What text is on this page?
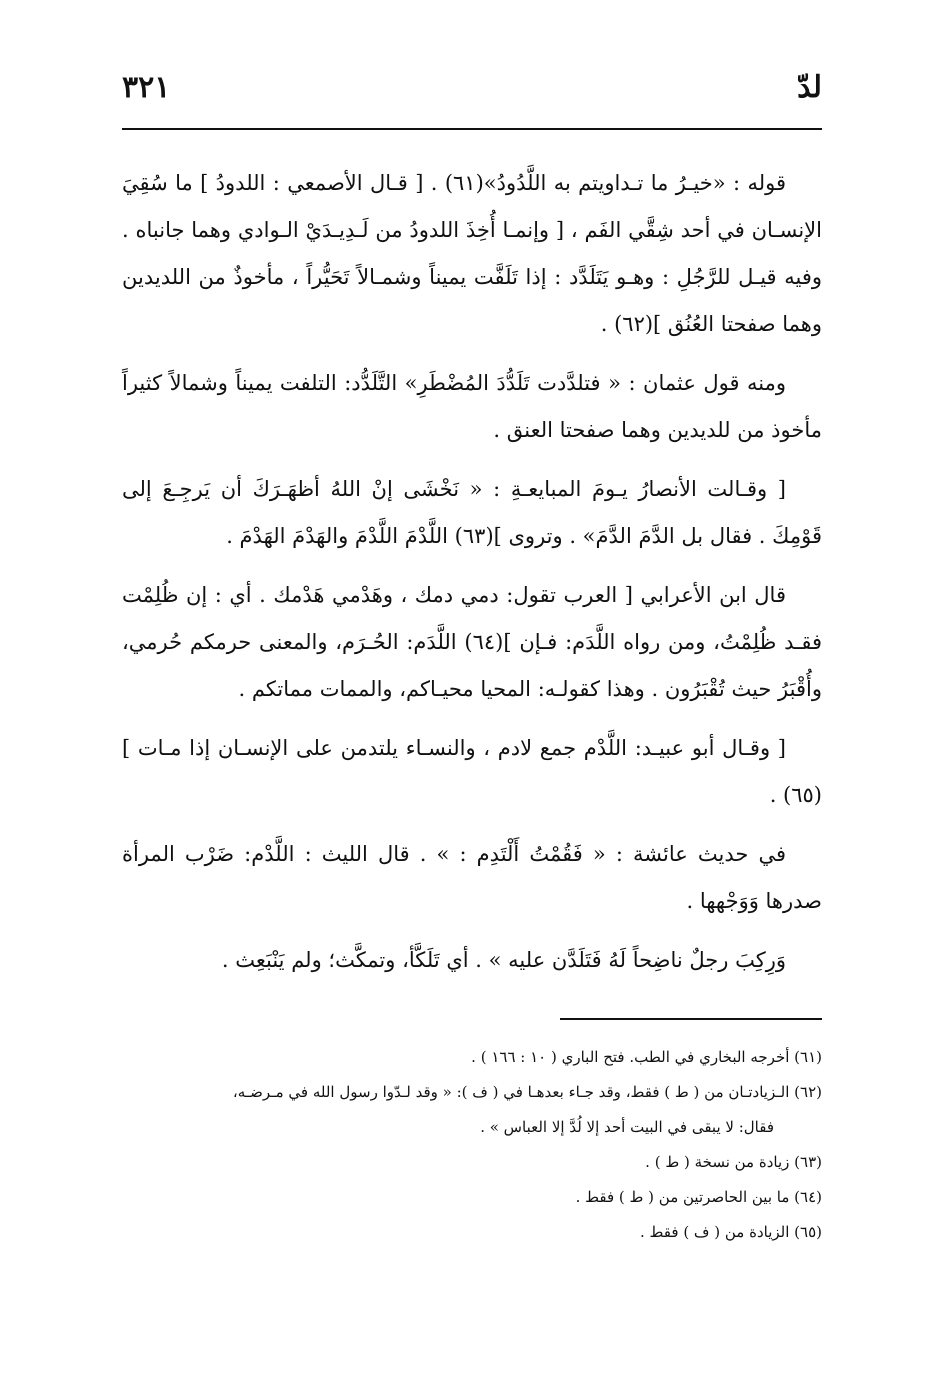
لدّ
٣٢١

قوله : «خيـرُ ما تـداويتم به اللَّدُودُ»(٦١) . [ قـال الأصمعي : اللدودُ ] ما سُقِيَ الإنسـان في أحد شِقَّي الفَم ، [ وإنمـا أُخِذَ اللدودُ من لَـدِيـدَيْ الـوادي وهما جانباه . وفيه قيـل للرَّجُلِ : وهـو يَتَلَدَّد : إذا تَلَفَّت يميناً وشمـالاً تَحَيُّراً ، مأخوذٌ من اللديدين وهما صفحتا العُنُق ](٦٢) .

ومنه قول عثمان : « فتلدَّدت تَلَدُّدَ المُضْطَرِ» التَّلَدُّد: التلفت يميناً وشمالاً كثيراً مأخوذ من للديدين وهما صفحتا العنق .

[ وقـالت الأنصارُ يـومَ المبايعـةِ : « نَخْشَى إنْ اللهُ أظهَـرَكَ أن يَرجِـعَ إلى قَوْمِكَ . فقال بل الدَّمَ الدَّمَ» . وتروى ](٦٣) اللَّدْمَ اللَّدْمَ والهَدْمَ الهَدْمَ .

قال ابن الأعرابي [ العرب تقول: دمي دمك ، وهَدْمي هَدْمك . أي : إن ظُلِمْت فقـد ظُلِمْتُ، ومن رواه اللَّدَم: فـإن ](٦٤) اللَّدَم: الحُـرَم، والمعنى حرمكم حُرمي، وأُقْبَرُ حيث تُقْبَرُون . وهذا كقولـه: المحيا محيـاكم، والممات مماتكم .

[ وقـال أبو عبيـد: اللَّدْم جمع لادم ، والنسـاء يلتدمن على الإنسـان إذا مـات ](٦٥) .

في حديث عائشة : « فَقُمْتُ أَلْتَدِم : » . قال الليث : اللَّدْم: ضَرْب المرأة صدرها وَوَجْهها .

وَرِكِبَ رجلٌ ناضِحاً لَهُ فَتَلَدَّن عليه » . أي تَلَكَّأ، وتمكَّث؛ ولم يَنْبَعِث .

(٦١) أخرجه البخاري في الطب. فتح الباري ( ١٠ : ١٦٦ ) .

(٦٢) الـزيادتـان من ( ط ) فقط، وقد جـاء بعدهـا في ( ف ): « وقد لـدّوا رسول الله في مـرضـه،
فقال: لا يبقى في البيت أحد إلا لُدَّ إلا العباس » .

(٦٣) زيادة من نسخة ( ط ) .

(٦٤) ما بين الحاصرتين من ( ط ) فقط .

(٦٥) الزيادة من ( ف ) فقط .
